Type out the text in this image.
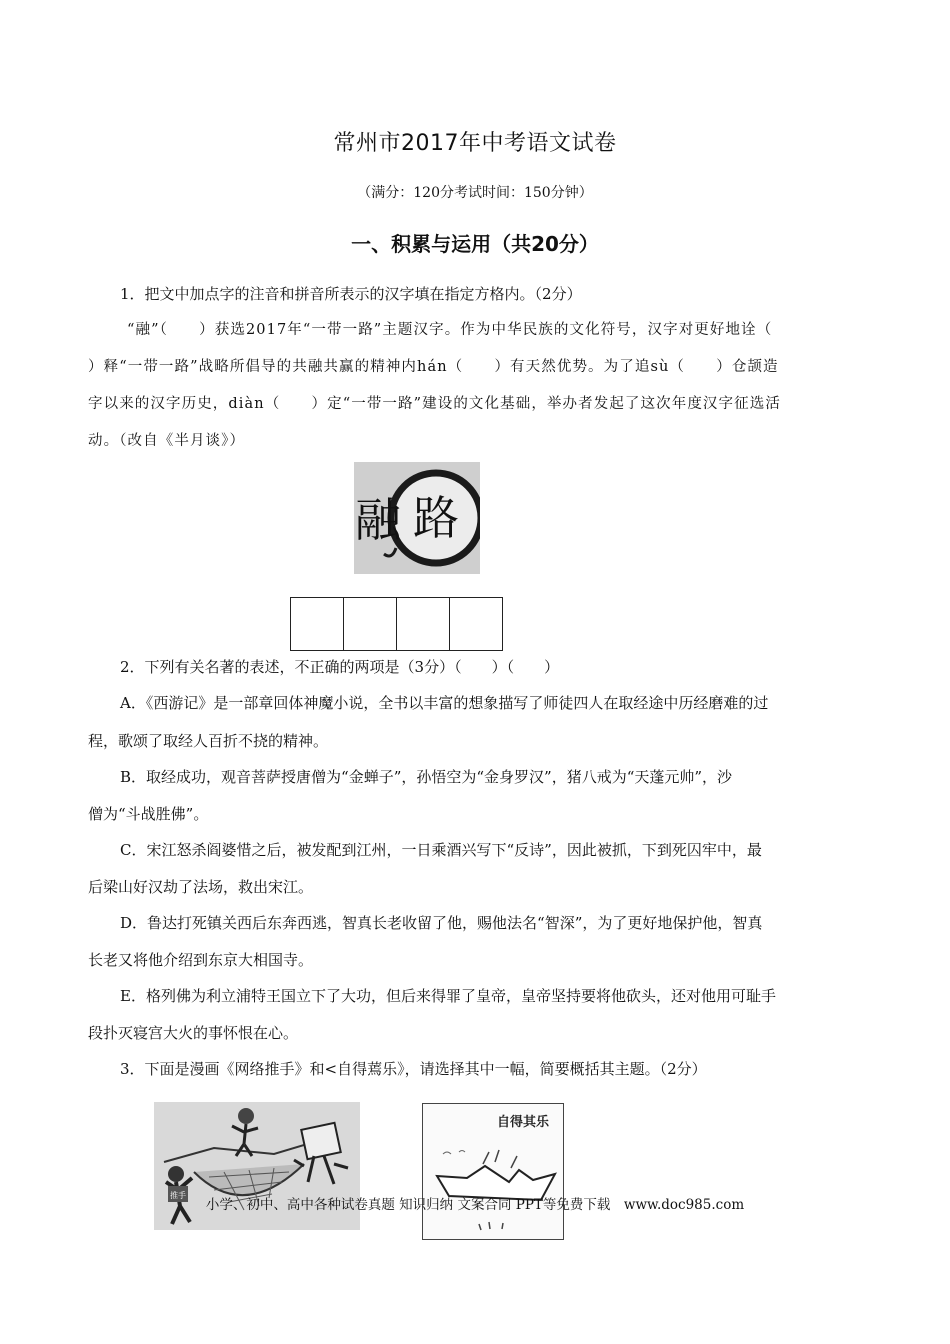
常州市2017年中考语文试卷
（满分：120分考试时间：150分钟）
一、积累与运用（共20分）
1．把文中加点字的注音和拼音所表示的汉字填在指定方格内。（2分）
“融”（　　）获选2017年“一带一路”主题汉字。作为中华民族的文化符号，汉字对更好地诠（
）释“一带一路”战略所倡导的共融共赢的精神内hán（　　）有天然优势。为了追sù（　　）仓颉造
字以来的汉字历史，diàn（　　）定“一带一路”建设的文化基础，举办者发起了这次年度汉字征选活
动。（改自《半月谈》）
融 路
2．下列有关名著的表述，不正确的两项是（3分）（　　）（　　）
A．《西游记》是一部章回体神魔小说，全书以丰富的想象描写了师徒四人在取经途中历经磨难的过
程，歌颂了取经人百折不挠的精神。
B．取经成功，观音菩萨授唐僧为“金蝉子”，孙悟空为“金身罗汉”，猪八戒为“天蓬元帅”，沙
僧为“斗战胜佛”。
C．宋江怒杀阎婆惜之后，被发配到江州，一日乘酒兴写下“反诗”，因此被抓，下到死囚牢中，最
后梁山好汉劫了法场，救出宋江。
D．鲁达打死镇关西后东奔西逃，智真长老收留了他，赐他法名“智深”，为了更好地保护他，智真
长老又将他介绍到东京大相国寺。
E．格列佛为利立浦特王国立下了大功，但后来得罪了皇帝，皇帝坚持要将他砍头，还对他用可耻手
段扑灭寝宫大火的事怀恨在心。
3．下面是漫画《网络推手》和<自得蔫乐》，请选择其中一幅，简要概括其主题。（2分）
推手
自得其乐
小学、初中、高中各种试卷真题 知识归纳 文案合同 PPT等免费下载　www.doc985.com
